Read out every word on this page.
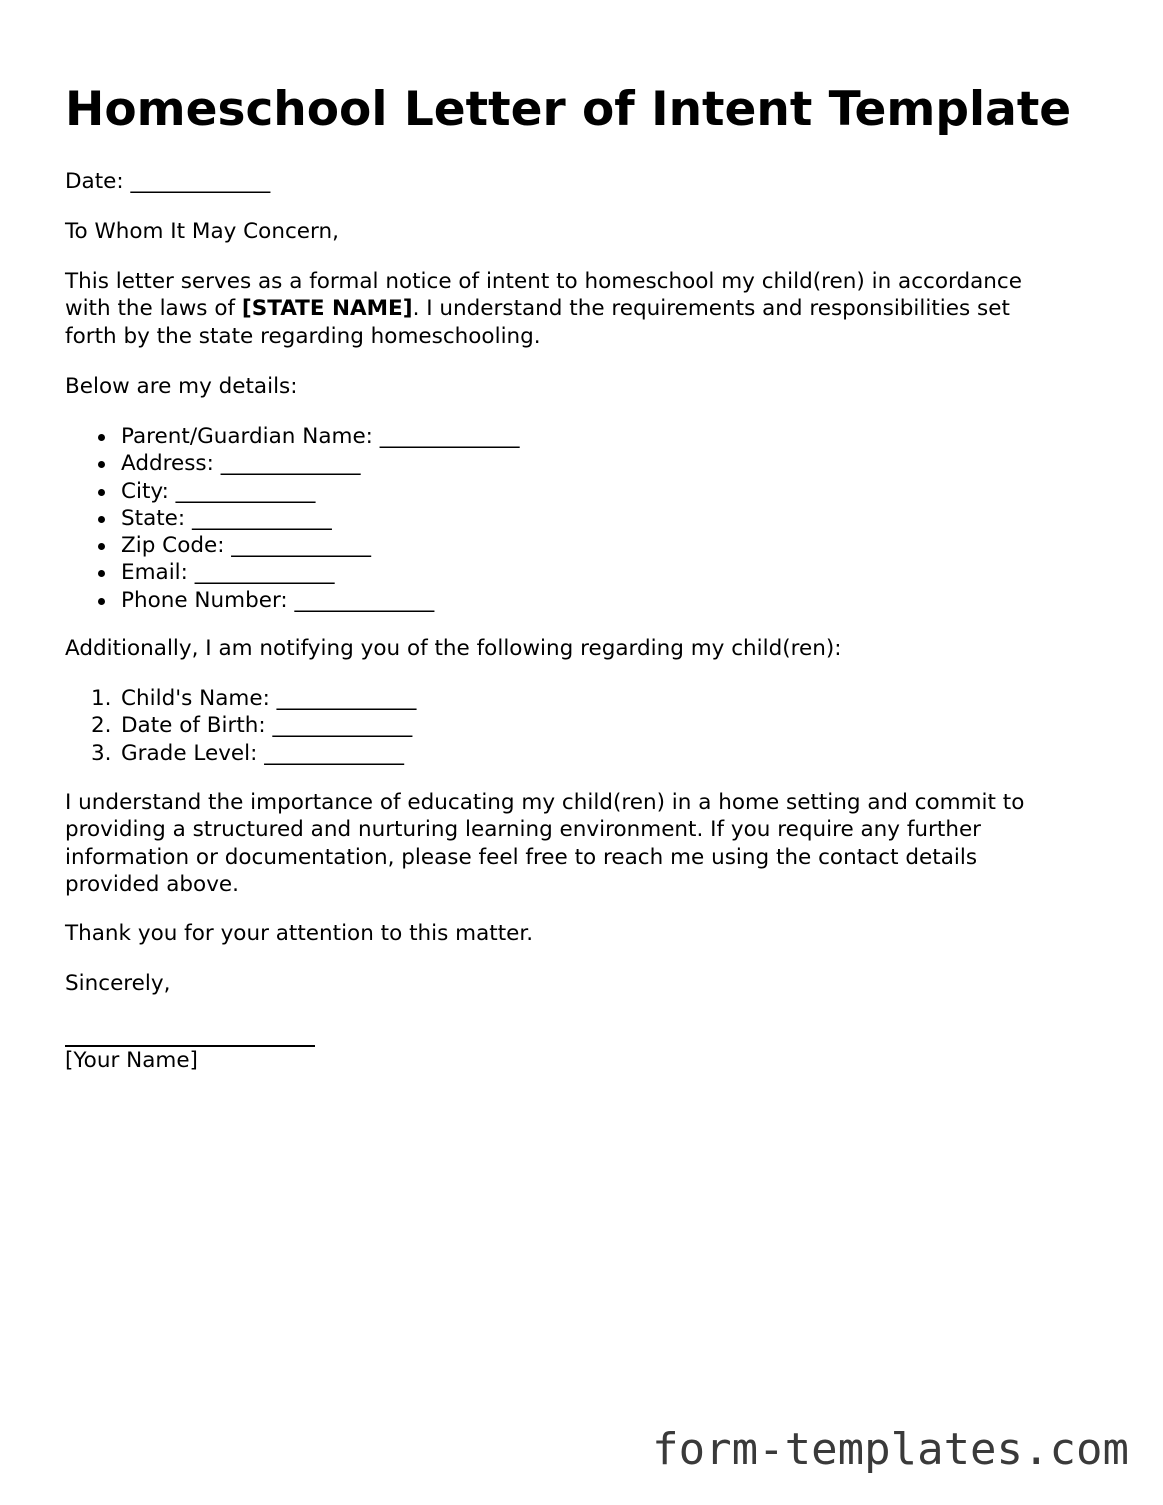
Homeschool Letter of Intent Template

Date: _____________

To Whom It May Concern,

This letter serves as a formal notice of intent to homeschool my child(ren) in accordance
with the laws of [STATE NAME]. I understand the requirements and responsibilities set
forth by the state regarding homeschooling.

Below are my details:

Parent/Guardian Name: _____________
Address: _____________
City: _____________
State: _____________
Zip Code: _____________
Email: _____________
Phone Number: _____________

Additionally, I am notifying you of the following regarding my child(ren):

1. Child's Name: _____________
2. Date of Birth: _____________
3. Grade Level: _____________

I understand the importance of educating my child(ren) in a home setting and commit to
providing a structured and nurturing learning environment. If you require any further
information or documentation, please feel free to reach me using the contact details
provided above.

Thank you for your attention to this matter.

Sincerely,

[Your Name]

form-templates.com
